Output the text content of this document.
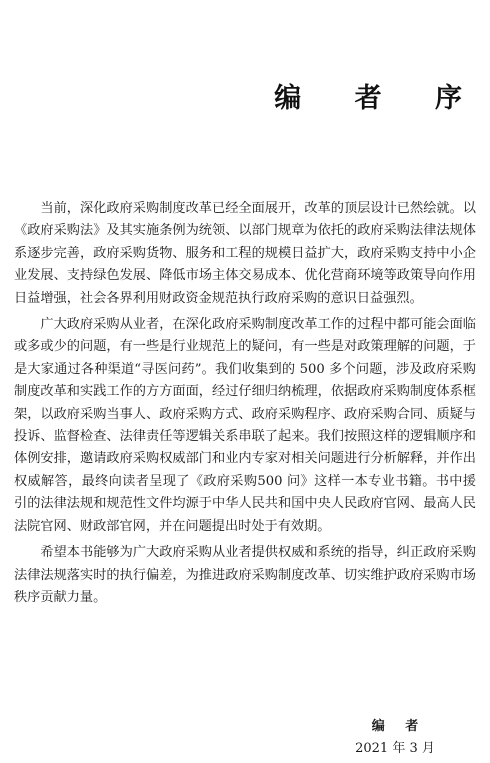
编 者 序

当前，深化政府采购制度改革已经全面展开，改革的顶层设计已然绘就。以《政府采购法》及其实施条例为统领、以部门规章为依托的政府采购法律法规体系逐步完善，政府采购货物、服务和工程的规模日益扩大，政府采购支持中小企业发展、支持绿色发展、降低市场主体交易成本、优化营商环境等政策导向作用日益增强，社会各界利用财政资金规范执行政府采购的意识日益强烈。

广大政府采购从业者，在深化政府采购制度改革工作的过程中都可能会面临或多或少的问题，有一些是行业规范上的疑问，有一些是对政策理解的问题，于是大家通过各种渠道“寻医问药”。我们收集到的 500 多个问题，涉及政府采购制度改革和实践工作的方方面面，经过仔细归纳梳理，依据政府采购制度体系框架，以政府采购当事人、政府采购方式、政府采购程序、政府采购合同、质疑与投诉、监督检查、法律责任等逻辑关系串联了起来。我们按照这样的逻辑顺序和体例安排，邀请政府采购权威部门和业内专家对相关问题进行分析解释，并作出权威解答，最终向读者呈现了《政府采购500 问》这样一本专业书籍。书中援引的法律法规和规范性文件均源于中华人民共和国中央人民政府官网、最高人民法院官网、财政部官网，并在问题提出时处于有效期。

希望本书能够为广大政府采购从业者提供权威和系统的指导，纠正政府采购法律法规落实时的执行偏差，为推进政府采购制度改革、切实维护政府采购市场秩序贡献力量。

编 者
2021 年 3 月
